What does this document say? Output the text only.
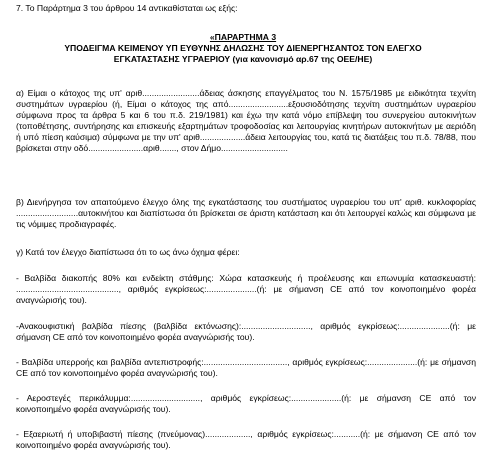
7. Το Παράρτημα 3 του άρθρου 14 αντικαθίσταται ως εξής:

«ΠΑΡΑΡΤΗΜΑ 3

ΥΠΟΔΕΙΓΜΑ ΚΕΙΜΕΝΟΥ ΥΠ ΕΥΘΥΝΗΣ ΔΗΛΩΣΗΣ ΤΟΥ ΔΙΕΝΕΡΓΗΣΑΝΤΟΣ ΤΟΝ ΕΛΕΓΧΟ

ΕΓΚΑΤΑΣΤΑΣΗΣ ΥΓΡΑΕΡΙΟΥ (για κανονισμό αρ.67 της ΟΕΕ/ΗΕ)

α) Είμαι ο κάτοχος της υπ' αριθ........................άδειας άσκησης επαγγέλματος του Ν. 1575/1985 με ειδικότητα τεχνίτη συστημάτων υγραερίου (ή, Είμαι ο κάτοχος της από.........................εξουσιοδότησης τεχνίτη συστημάτων υγραερίου σύμφωνα προς τα άρθρα 5 και 6 του π.δ. 219/1981) και έχω την κατά νόμο επίβλεψη του συνεργείου αυτοκινήτων (τοποθέτησης, συντήρησης και επισκευής εξαρτημάτων τροφοδοσίας και λειτουργίας κινητήρων αυτοκινήτων με αεριόδη ή υπό πίεση καύσιμα) σύμφωνα με την υπ' αριθ...................άδεια λειτουργίας του, κατά τις διατάξεις του π.δ. 78/88, που βρίσκεται στην οδό.......................αριθ......., στον Δήμο............................

β) Διενήργησα τον απαιτούμενο έλεγχο όλης της εγκατάστασης του συστήματος υγραερίου του υπ' αριθ. κυκλοφορίας ..........................αυτοκινήτου και διαπίστωσα ότι βρίσκεται σε άριστη κατάσταση και ότι λειτουργεί καλώς και σύμφωνα με τις νόμιμες προδιαγραφές.

γ) Κατά τον έλεγχο διαπίστωσα ότι το ως άνω όχημα φέρει:

- Βαλβίδα διακοπής 80% και ενδείκτη στάθμης: Χώρα κατασκευής ή προέλευσης και επωνυμία κατασκευαστή: ..........................................., αριθμός εγκρίσεως:.....................(ή: με σήμανση CE από τον κοινοποιημένο φορέα αναγνώρισής του).

-Ανακουφιστική βαλβίδα πίεσης (βαλβίδα εκτόνωσης):............................., αριθμός εγκρίσεως:.....................(ή: με σήμανση CE από τον κοινοποιημένο φορέα αναγνώρισής του).

- Βαλβίδα υπερροής και βαλβίδα αντεπιστροφής:..................................., αριθμός εγκρίσεως:.....................(ή: με σήμανση CE από τον κοινοποιημένο φορέα αναγνώρισής του).

- Αεροστεγές περικάλυμμα:............................., αριθμός εγκρίσεως:.....................(ή: με σήμανση CE από τον κοινοποιημένο φορέα αναγνώρισής του).

- Εξαεριωτή ή υποβιβαστή πίεσης (πνεύμονας)..................., αριθμός εγκρίσεως:...........(ή: με σήμανση CE από τον κοινοποιημένο φορέα αναγνώρισής του).
